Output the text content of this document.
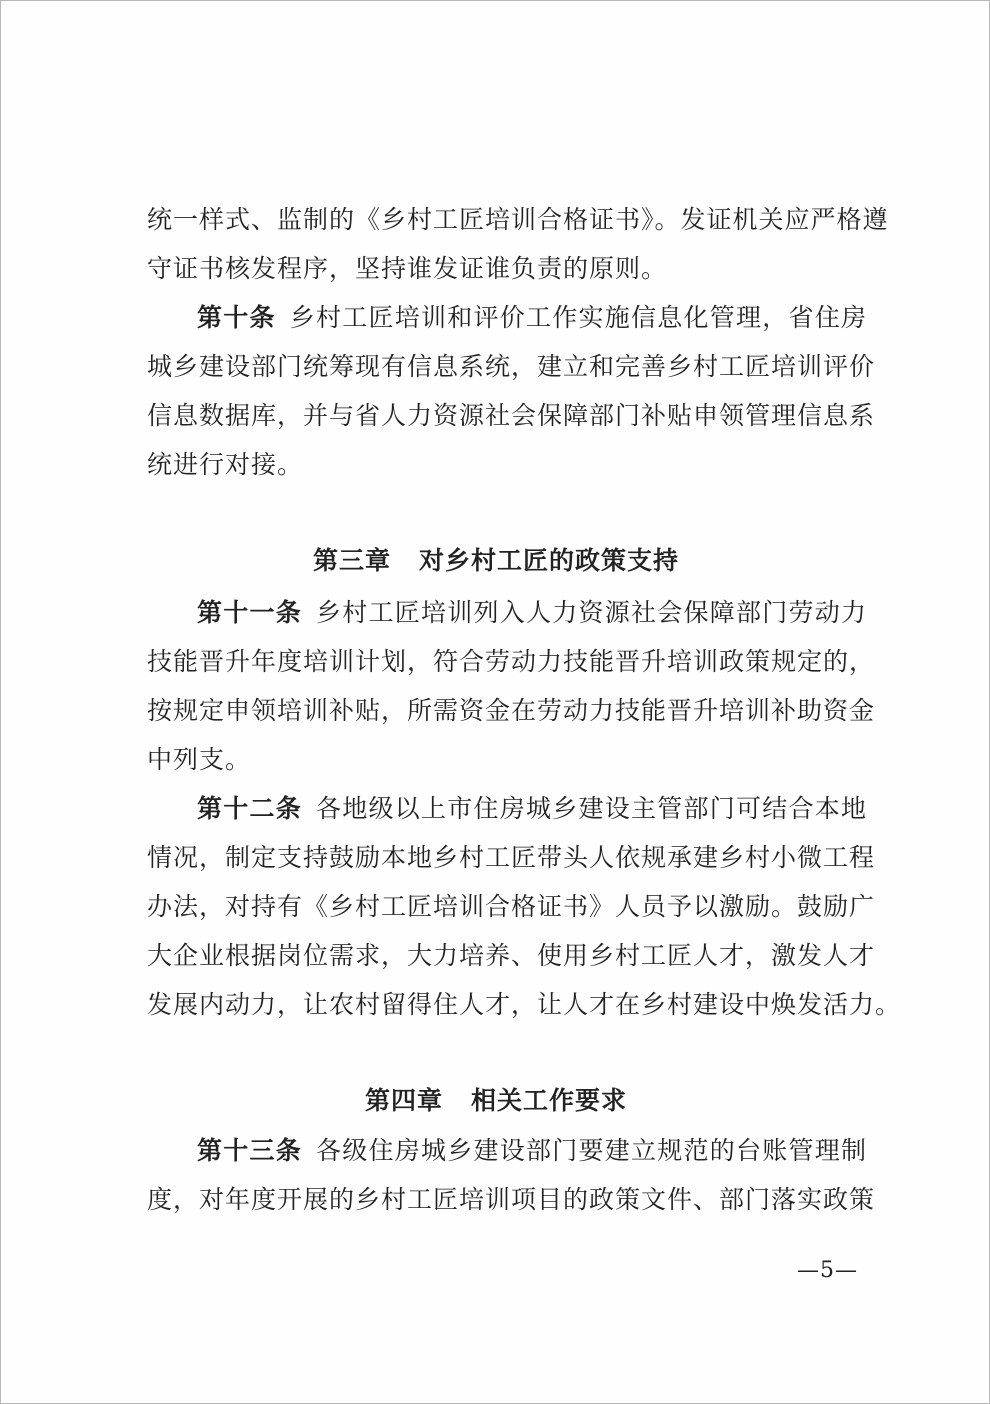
统一样式、监制的《乡村工匠培训合格证书》。发证机关应严格遵
守证书核发程序，坚持谁发证谁负责的原则。
第十条 乡村工匠培训和评价工作实施信息化管理，省住房
城乡建设部门统筹现有信息系统，建立和完善乡村工匠培训评价
信息数据库，并与省人力资源社会保障部门补贴申领管理信息系
统进行对接。
第三章 对乡村工匠的政策支持
第十一条 乡村工匠培训列入人力资源社会保障部门劳动力
技能晋升年度培训计划，符合劳动力技能晋升培训政策规定的，
按规定申领培训补贴，所需资金在劳动力技能晋升培训补助资金
中列支。
第十二条 各地级以上市住房城乡建设主管部门可结合本地
情况，制定支持鼓励本地乡村工匠带头人依规承建乡村小微工程
办法，对持有《乡村工匠培训合格证书》人员予以激励。鼓励广
大企业根据岗位需求，大力培养、使用乡村工匠人才，激发人才
发展内动力，让农村留得住人才，让人才在乡村建设中焕发活力。
第四章 相关工作要求
第十三条 各级住房城乡建设部门要建立规范的台账管理制
度，对年度开展的乡村工匠培训项目的政策文件、部门落实政策
—5—
